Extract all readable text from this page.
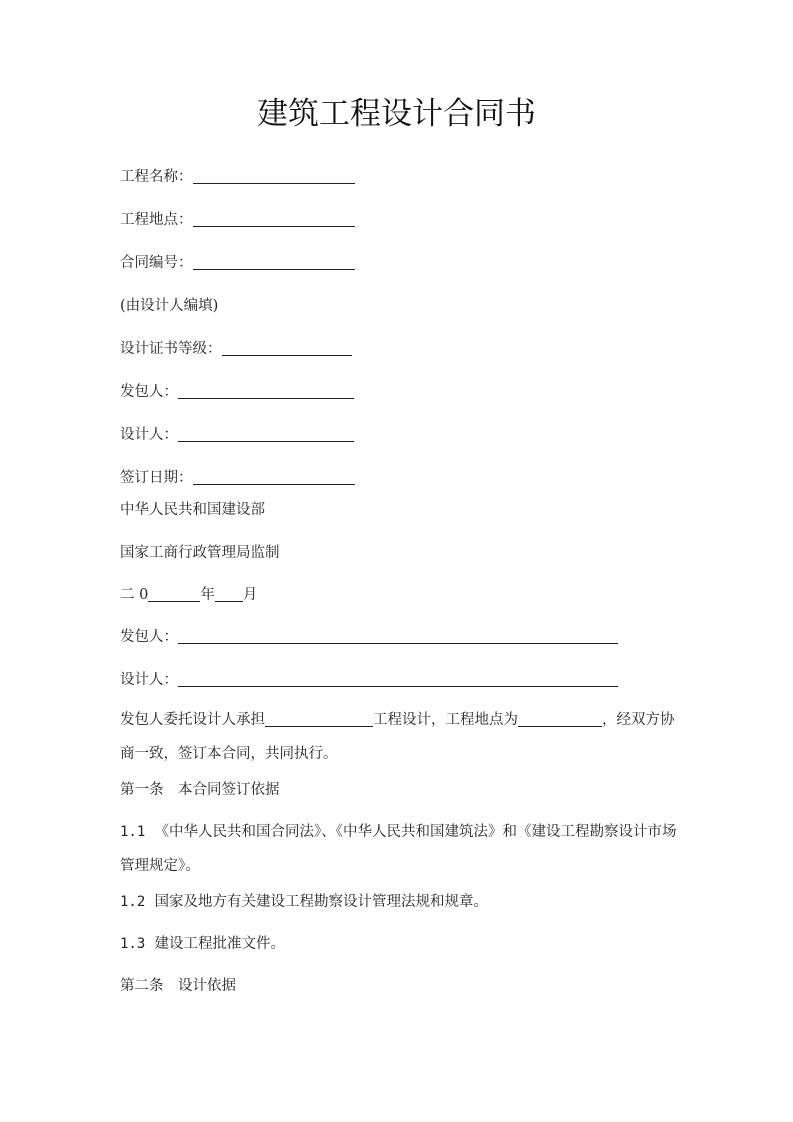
建筑工程设计合同书
工程名称：
工程地点：
合同编号：
(由设计人编填)
设计证书等级：
发包人：
设计人：
签订日期：
中华人民共和国建设部
国家工商行政管理局监制
二 0	年 月
发包人：
设计人：
发包人委托设计人承担	工程设计，工程地点为	，经双方协商一致，签订本合同，共同执行。
第一条　本合同签订依据
1.1 《中华人民共和国合同法》、《中华人民共和国建筑法》和《建设工程勘察设计市场管理规定》。
1.2 国家及地方有关建设工程勘察设计管理法规和规章。
1.3 建设工程批准文件。
第二条　设计依据
